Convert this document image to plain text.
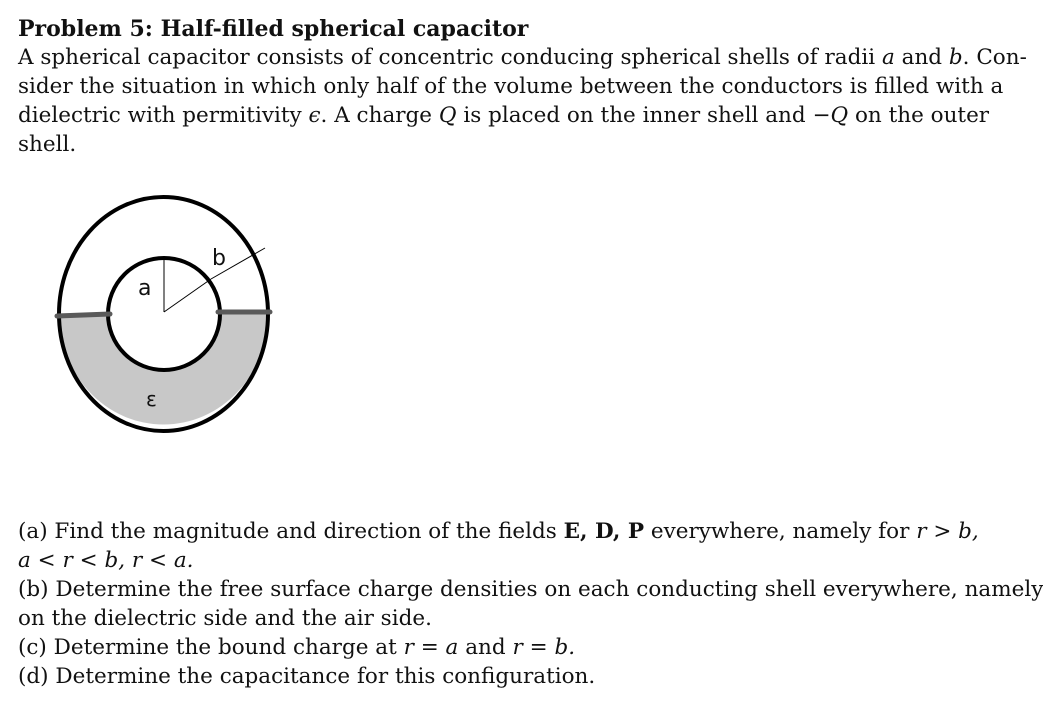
Problem 5: Half-filled spherical capacitor
A spherical capacitor consists of concentric conducing spherical shells of radii a and b. Con-
sider the situation in which only half of the volume between the conductors is filled with a
dielectric with permitivity ϵ. A charge Q is placed on the inner shell and −Q on the outer
shell.
a
b
ε
(a) Find the magnitude and direction of the fields E, D, P everywhere, namely for r > b,
a < r < b, r < a.
(b) Determine the free surface charge densities on each conducting shell everywhere, namely
on the dielectric side and the air side.
(c) Determine the bound charge at r = a and r = b.
(d) Determine the capacitance for this configuration.
